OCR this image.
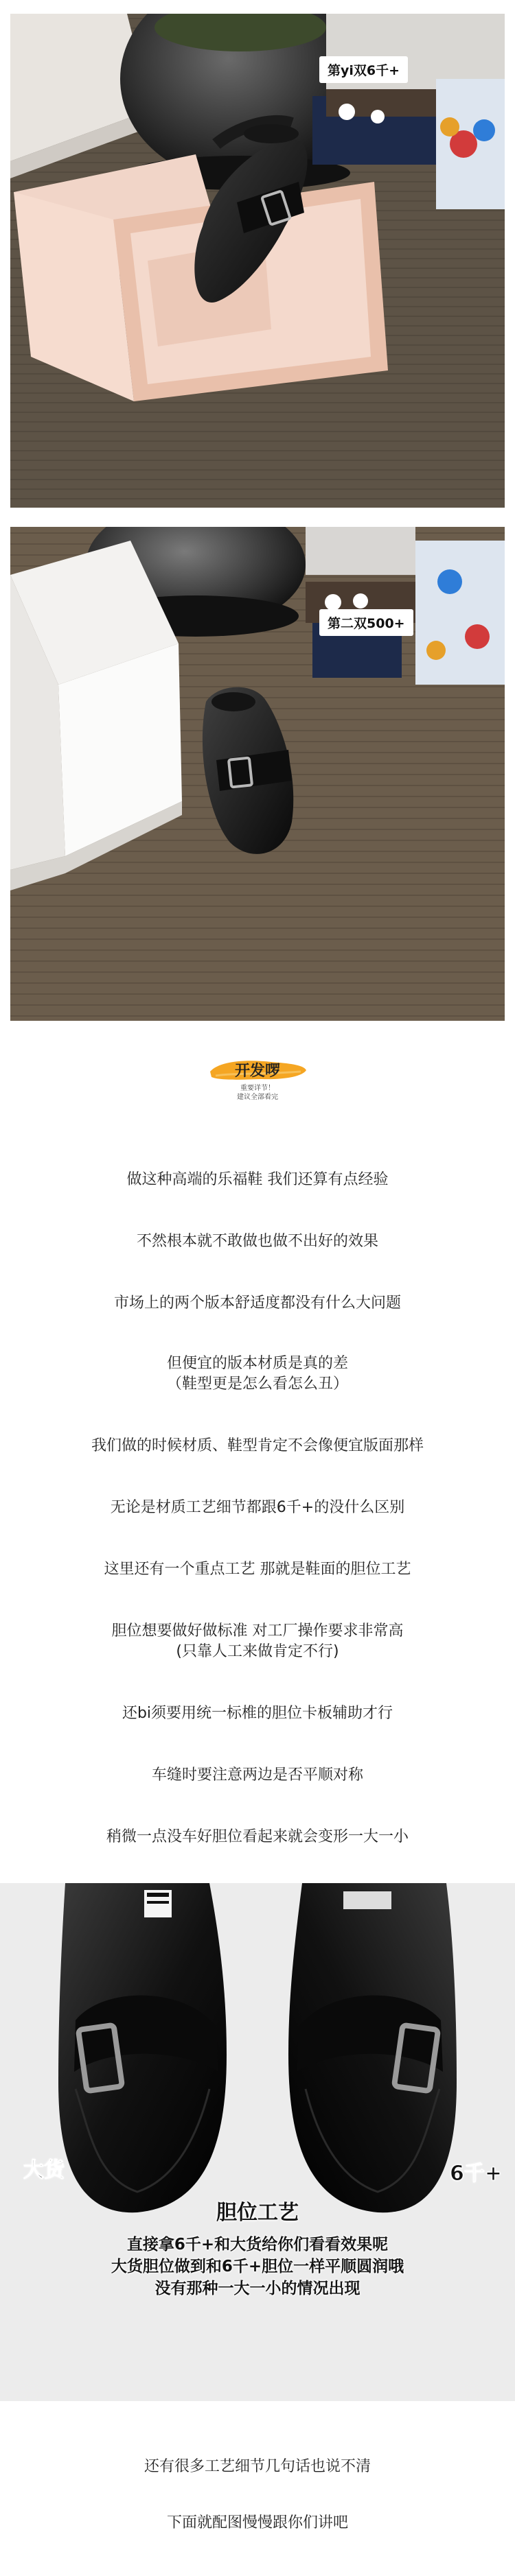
第yi双6千+
第二双500+
开发啰
重要详节！
建议全部看完
做这种高端的乐福鞋 我们还算有点经验
不然根本就不敢做也做不出好的效果
市场上的两个版本舒适度都没有什么大问题
但便宜的版本材质是真的差
（鞋型更是怎么看怎么丑）
我们做的时候材质、鞋型肯定不会像便宜版面那样
无论是材质工艺细节都跟6千+的没什么区别
这里还有一个重点工艺 那就是鞋面的胆位工艺
胆位想要做好做标准 对工厂操作要求非常高
(只靠人工来做肯定不行)
还bi须要用统一标椎的胆位卡板辅助才行
车缝时要注意两边是否平顺对称
稍微一点没车好胆位看起来就会变形一大一小
大货	6千+
胆位工艺
直接拿6千+和大货给你们看看效果呢
大货胆位做到和6千+胆位一样平顺圆润哦
没有那种一大一小的情况出现
还有很多工艺细节几句话也说不清
下面就配图慢慢跟你们讲吧
